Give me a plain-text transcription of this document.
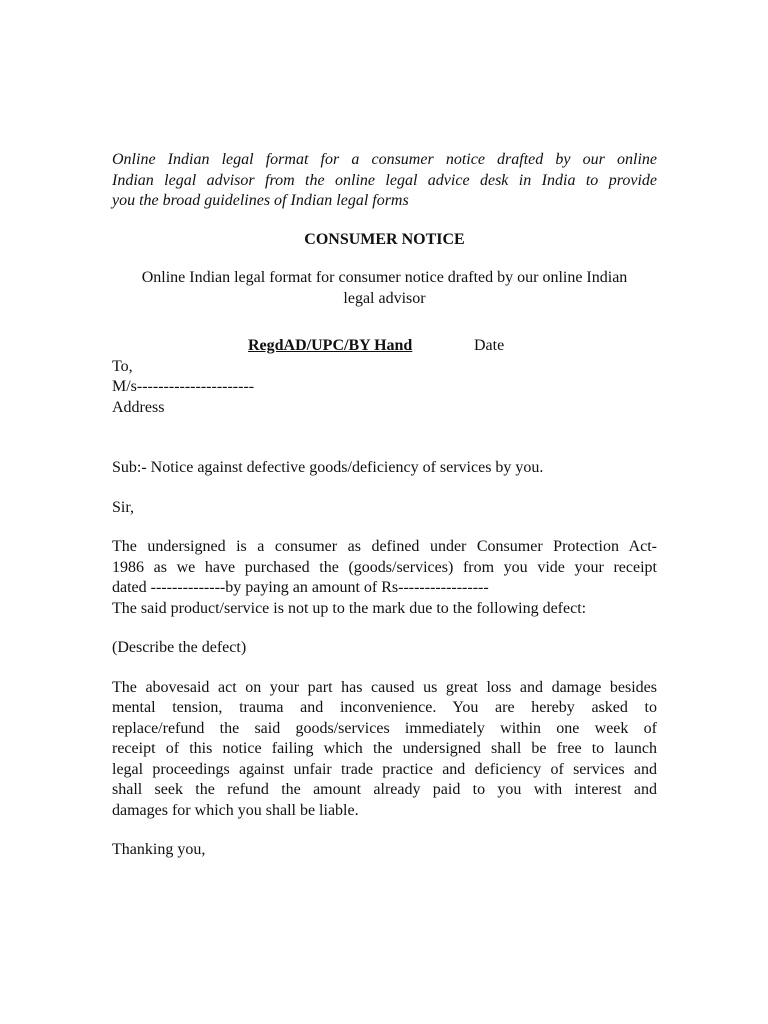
Online Indian legal format for a consumer notice drafted by our online
Indian legal advisor from the online legal advice desk in India to provide
you the broad guidelines of Indian legal forms

CONSUMER NOTICE

Online Indian legal format for consumer notice drafted by our online Indian
legal advisor

RegdAD/UPC/BY Hand	Date

To,

M/s----------------------

Address

Sub:- Notice against defective goods/deficiency of services by you.

Sir,

The undersigned is a consumer as defined under Consumer Protection Act-
1986 as we have purchased the (goods/services) from you vide your receipt
dated --------------by paying an amount of Rs-----------------
The said product/service is not up to the mark due to the following defect:

(Describe the defect)

The abovesaid act on your part has caused us great loss and damage besides
mental tension, trauma and inconvenience. You are hereby asked to
replace/refund the said goods/services immediately within one week of
receipt of this notice failing which the undersigned shall be free to launch
legal proceedings against unfair trade practice and deficiency of services and
shall seek the refund the amount already paid to you with interest and
damages for which you shall be liable.

Thanking you,
